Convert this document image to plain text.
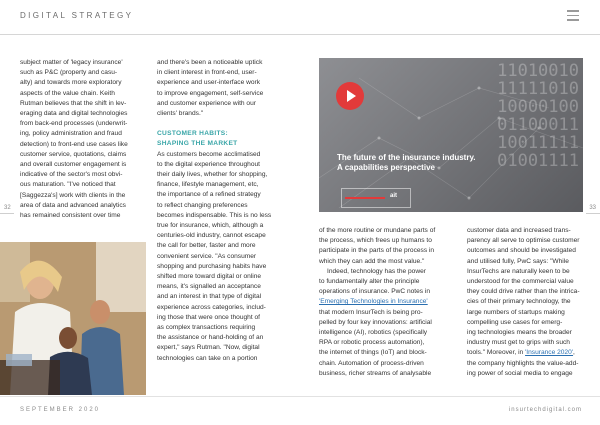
DIGITAL STRATEGY
32	33

subject matter of 'legacy insurance'

such as P&C (property and casu-

alty) and towards more exploratory

aspects of the value chain. Keith

Rutman believes that the shift in lev-

eraging data and digital technologies

from back-end processes (underwrit-

ing, policy administration and fraud

detection) to front-end use cases like

customer service, quotations, claims

and overall customer engagement is

indicative of the sector's most obvi-

ous maturation. "I've noticed that

[Saggezza's] work with clients in the

area of data and advanced analytics

has remained consistent over time

and there's been a noticeable uptick

in client interest in front-end, user-

experience and user-interface work

to improve engagement, self-service

and customer experience with our

clients' brands."

CUSTOMER HABITS:

SHAPING THE MARKET

As customers become acclimatised

to the digital experience throughout

their daily lives, whether for shopping,

finance, lifestyle management, etc,

the importance of a refined strategy

to reflect changing preferences

becomes indispensable. This is no less

true for insurance, which, although a

centuries-old industry, cannot escape

the call for better, faster and more

convenient service. "As consumer

shopping and purchasing habits have

shifted more toward digital or online

means, it's signalled an acceptance

and an interest in that type of digital

experience across categories, includ-

ing those that were once thought of

as complex transactions requiring

the assistance or hand-holding of an

expert," says Rutman. "Now, digital

technologies can take on a portion

11010010
11111010
10000100
01100011
10011111
01001111
The future of the insurance industry.
A capabilities perspective
ait

of the more routine or mundane parts of

the process, which frees up humans to

participate in the parts of the process in

which they can add the most value."

Indeed, technology has the power

to fundamentally alter the principle

operations of insurance. PwC notes in

'Emerging Technologies in Insurance'

that modern InsurTech is being pro-

pelled by four key innovations: artificial

intelligence (AI), robotics (specifically

RPA or robotic process automation),

the internet of things (IoT) and block-

chain. Automation of process-driven

business, richer streams of analysable

customer data and increased trans-

parency all serve to optimise customer

outcomes and should be investigated

and utilised fully, PwC says: "While

InsurTechs are naturally keen to be

understood for the commercial value

they could drive rather than the intrica-

cies of their primary technology, the

large numbers of startups making

compelling use cases for emerg-

ing technologies means the broader

industry must get to grips with such

tools." Moreover, in 'Insurance 2020',

the company highlights the value-add-

ing power of social media to engage

SEPTEMBER 2020	insurtechdigital.com
